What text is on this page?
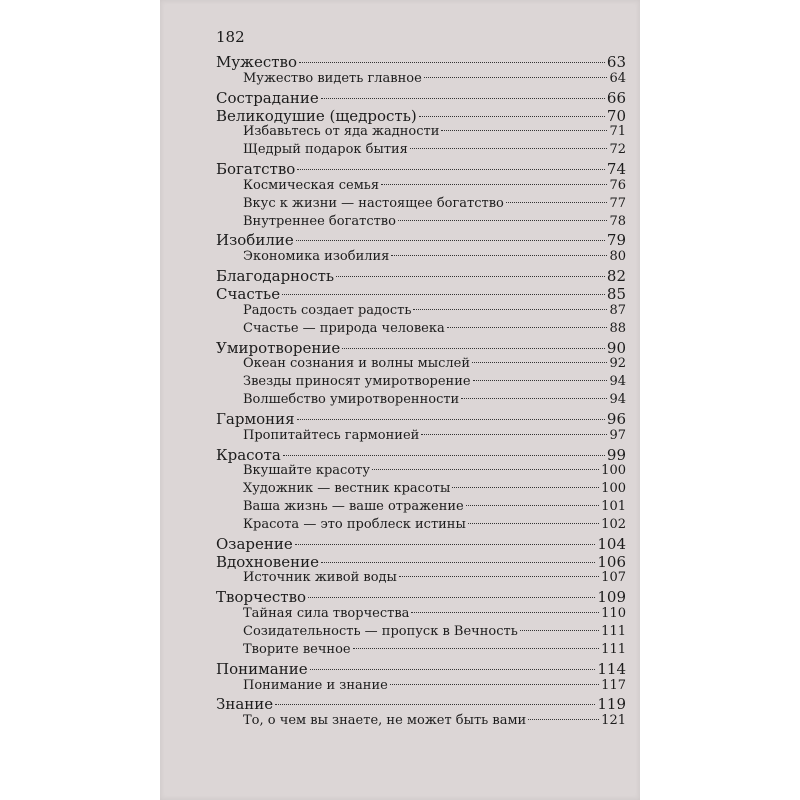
182
Мужество	63
Мужество видеть главное	64
Сострадание	66
Великодушие (щедрость)	70
Избавьтесь от яда жадности	71
Щедрый подарок бытия	72
Богатство	74
Космическая семья	76
Вкус к жизни — настоящее богатство	77
Внутреннее богатство	78
Изобилие	79
Экономика изобилия	80
Благодарность	82
Счастье	85
Радость создает радость	87
Счастье — природа человека	88
Умиротворение	90
Океан сознания и волны мыслей	92
Звезды приносят умиротворение	94
Волшебство умиротворенности	94
Гармония	96
Пропитайтесь гармонией	97
Красота	99
Вкушайте красоту	100
Художник — вестник красоты	100
Ваша жизнь — ваше отражение	101
Красота — это проблеск истины	102
Озарение	104
Вдохновение	106
Источник живой воды	107
Творчество	109
Тайная сила творчества	110
Созидательность — пропуск в Вечность	111
Творите вечное	111
Понимание	114
Понимание и знание	117
Знание	119
То, о чем вы знаете, не может быть вами	121
